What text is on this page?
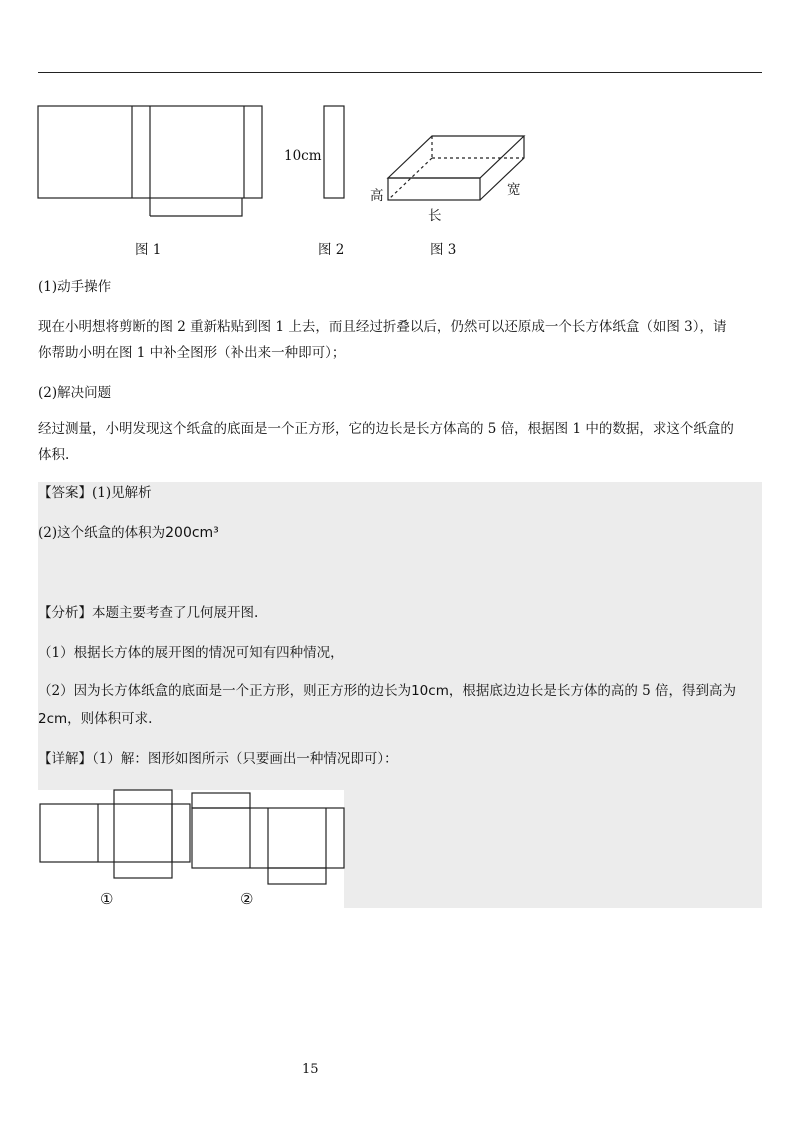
图 1
10cm
图 2
高	宽
长
图 3
(1)动手操作
现在小明想将剪断的图 2 重新粘贴到图 1 上去，而且经过折叠以后，仍然可以还原成一个长方体纸盒（如图 3），请
你帮助小明在图 1 中补全图形（补出来一种即可）；
(2)解决问题
经过测量，小明发现这个纸盒的底面是一个正方形，它的边长是长方体高的 5 倍，根据图 1 中的数据，求这个纸盒的
体积.
【答案】(1)见解析
(2)这个纸盒的体积为200cm³
【分析】本题主要考查了几何展开图.
（1）根据长方体的展开图的情况可知有四种情况，
（2）因为长方体纸盒的底面是一个正方形，则正方形的边长为10cm，根据底边边长是长方体的高的 5 倍，得到高为
2cm，则体积可求.
【详解】（1）解：图形如图所示（只要画出一种情况即可）：
①	②
15
